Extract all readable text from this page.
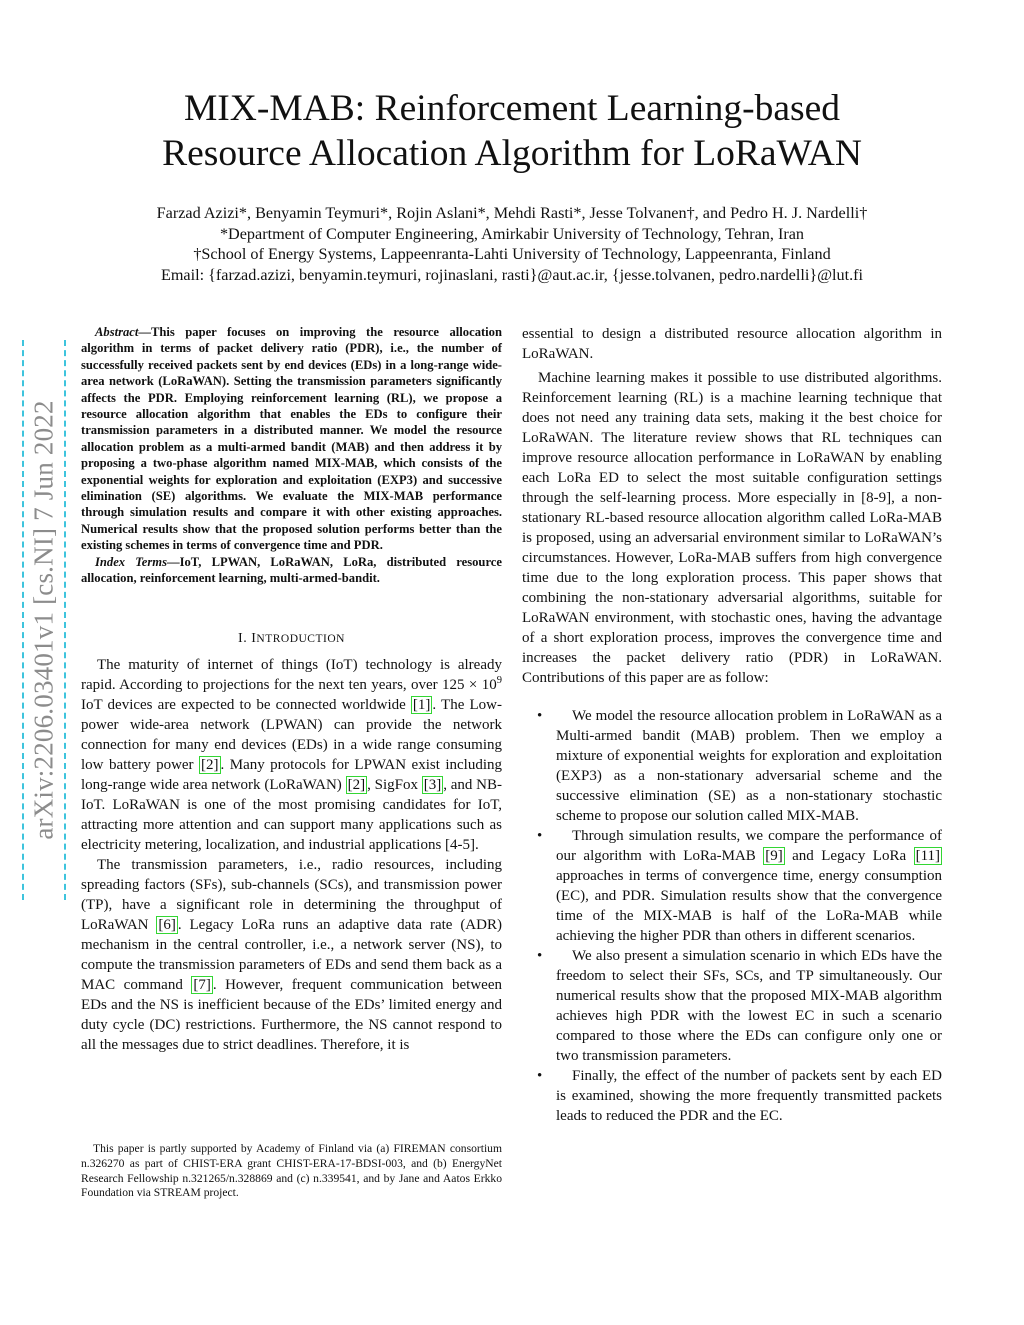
arXiv:2206.03401v1 [cs.NI] 7 Jun 2022
MIX-MAB: Reinforcement Learning-based
Resource Allocation Algorithm for LoRaWAN
Farzad Azizi*, Benyamin Teymuri*, Rojin Aslani*, Mehdi Rasti*, Jesse Tolvanen†, and Pedro H. J. Nardelli†
*Department of Computer Engineering, Amirkabir University of Technology, Tehran, Iran
†School of Energy Systems, Lappeenranta-Lahti University of Technology, Lappeenranta, Finland
Email: {farzad.azizi, benyamin.teymuri, rojinaslani, rasti}@aut.ac.ir, {jesse.tolvanen, pedro.nardelli}@lut.fi

Abstract—This paper focuses on improving the resource allocation algorithm in terms of packet delivery ratio (PDR), i.e., the number of successfully received packets sent by end devices (EDs) in a long-range wide-area network (LoRaWAN). Setting the transmission parameters significantly affects the PDR. Employing reinforcement learning (RL), we propose a resource allocation algorithm that enables the EDs to configure their transmission parameters in a distributed manner. We model the resource allocation problem as a multi-armed bandit (MAB) and then address it by proposing a two-phase algorithm named MIX-MAB, which consists of the exponential weights for exploration and exploitation (EXP3) and successive elimination (SE) algorithms. We evaluate the MIX-MAB performance through simulation results and compare it with other existing approaches. Numerical results show that the proposed solution performs better than the existing schemes in terms of convergence time and PDR.

Index Terms—IoT, LPWAN, LoRaWAN, LoRa, distributed resource allocation, reinforcement learning, multi-armed-bandit.

I. INTRODUCTION

The maturity of internet of things (IoT) technology is already rapid. According to projections for the next ten years, over $125 \times 10^9$ IoT devices are expected to be connected worldwide [1] . The Low-power wide-area network (LPWAN) can provide the network connection for many end devices (EDs) in a wide range consuming low battery power [2] . Many protocols for LPWAN exist including long-range wide area network (LoRaWAN) [2] , SigFox [3] , and NB-IoT. LoRaWAN is one of the most promising candidates for IoT, attracting more attention and can support many applications such as electricity metering, localization, and industrial applications [4-5].

The transmission parameters, i.e., radio resources, including spreading factors (SFs), sub-channels (SCs), and transmission power (TP), have a significant role in determining the throughput of LoRaWAN [6] . Legacy LoRa runs an adaptive data rate (ADR) mechanism in the central controller, i.e., a network server (NS), to compute the transmission parameters of EDs and send them back as a MAC command [7] . However, frequent communication between EDs and the NS is inefficient because of the EDs’ limited energy and duty cycle (DC) restrictions. Furthermore, the NS cannot respond to all the messages due to strict deadlines. Therefore, it is

This paper is partly supported by Academy of Finland via (a) FIREMAN consortium n.326270 as part of CHIST-ERA grant CHIST-ERA-17-BDSI-003, and (b) EnergyNet Research Fellowship n.321265/n.328869 and (c) n.339541, and by Jane and Aatos Erkko Foundation via STREAM project.

essential to design a distributed resource allocation algorithm in LoRaWAN.

Machine learning makes it possible to use distributed algorithms. Reinforcement learning (RL) is a machine learning technique that does not need any training data sets, making it the best choice for LoRaWAN. The literature review shows that RL techniques can improve resource allocation performance in LoRaWAN by enabling each LoRa ED to select the most suitable configuration settings through the self-learning process. More especially in [8-9], a non-stationary RL-based resource allocation algorithm called LoRa-MAB is proposed, using an adversarial environment similar to LoRaWAN’s circumstances. However, LoRa-MAB suffers from high convergence time due to the long exploration process. This paper shows that combining the non-stationary adversarial algorithms, suitable for LoRaWAN environment, with stochastic ones, having the advantage of a short exploration process, improves the convergence time and increases the packet delivery ratio (PDR) in LoRaWAN. Contributions of this paper are as follow:

•	We model the resource allocation problem in LoRaWAN as a Multi-armed bandit (MAB) problem. Then we employ a mixture of exponential weights for exploration and exploitation (EXP3) as a non-stationary adversarial scheme and the successive elimination (SE) as a non-stationary stochastic scheme to propose our solution called MIX-MAB.

•	Through simulation results, we compare the performance of our algorithm with LoRa-MAB [9] and Legacy LoRa [11] approaches in terms of convergence time, energy consumption (EC), and PDR. Simulation results show that the convergence time of the MIX-MAB is half of the LoRa-MAB while achieving the higher PDR than others in different scenarios.

•	We also present a simulation scenario in which EDs have the freedom to select their SFs, SCs, and TP simultaneously. Our numerical results show that the proposed MIX-MAB algorithm achieves high PDR with the lowest EC in such a scenario compared to those where the EDs can configure only one or two transmission parameters.

•	Finally, the effect of the number of packets sent by each ED is examined, showing the more frequently transmitted packets leads to reduced the PDR and the EC.
